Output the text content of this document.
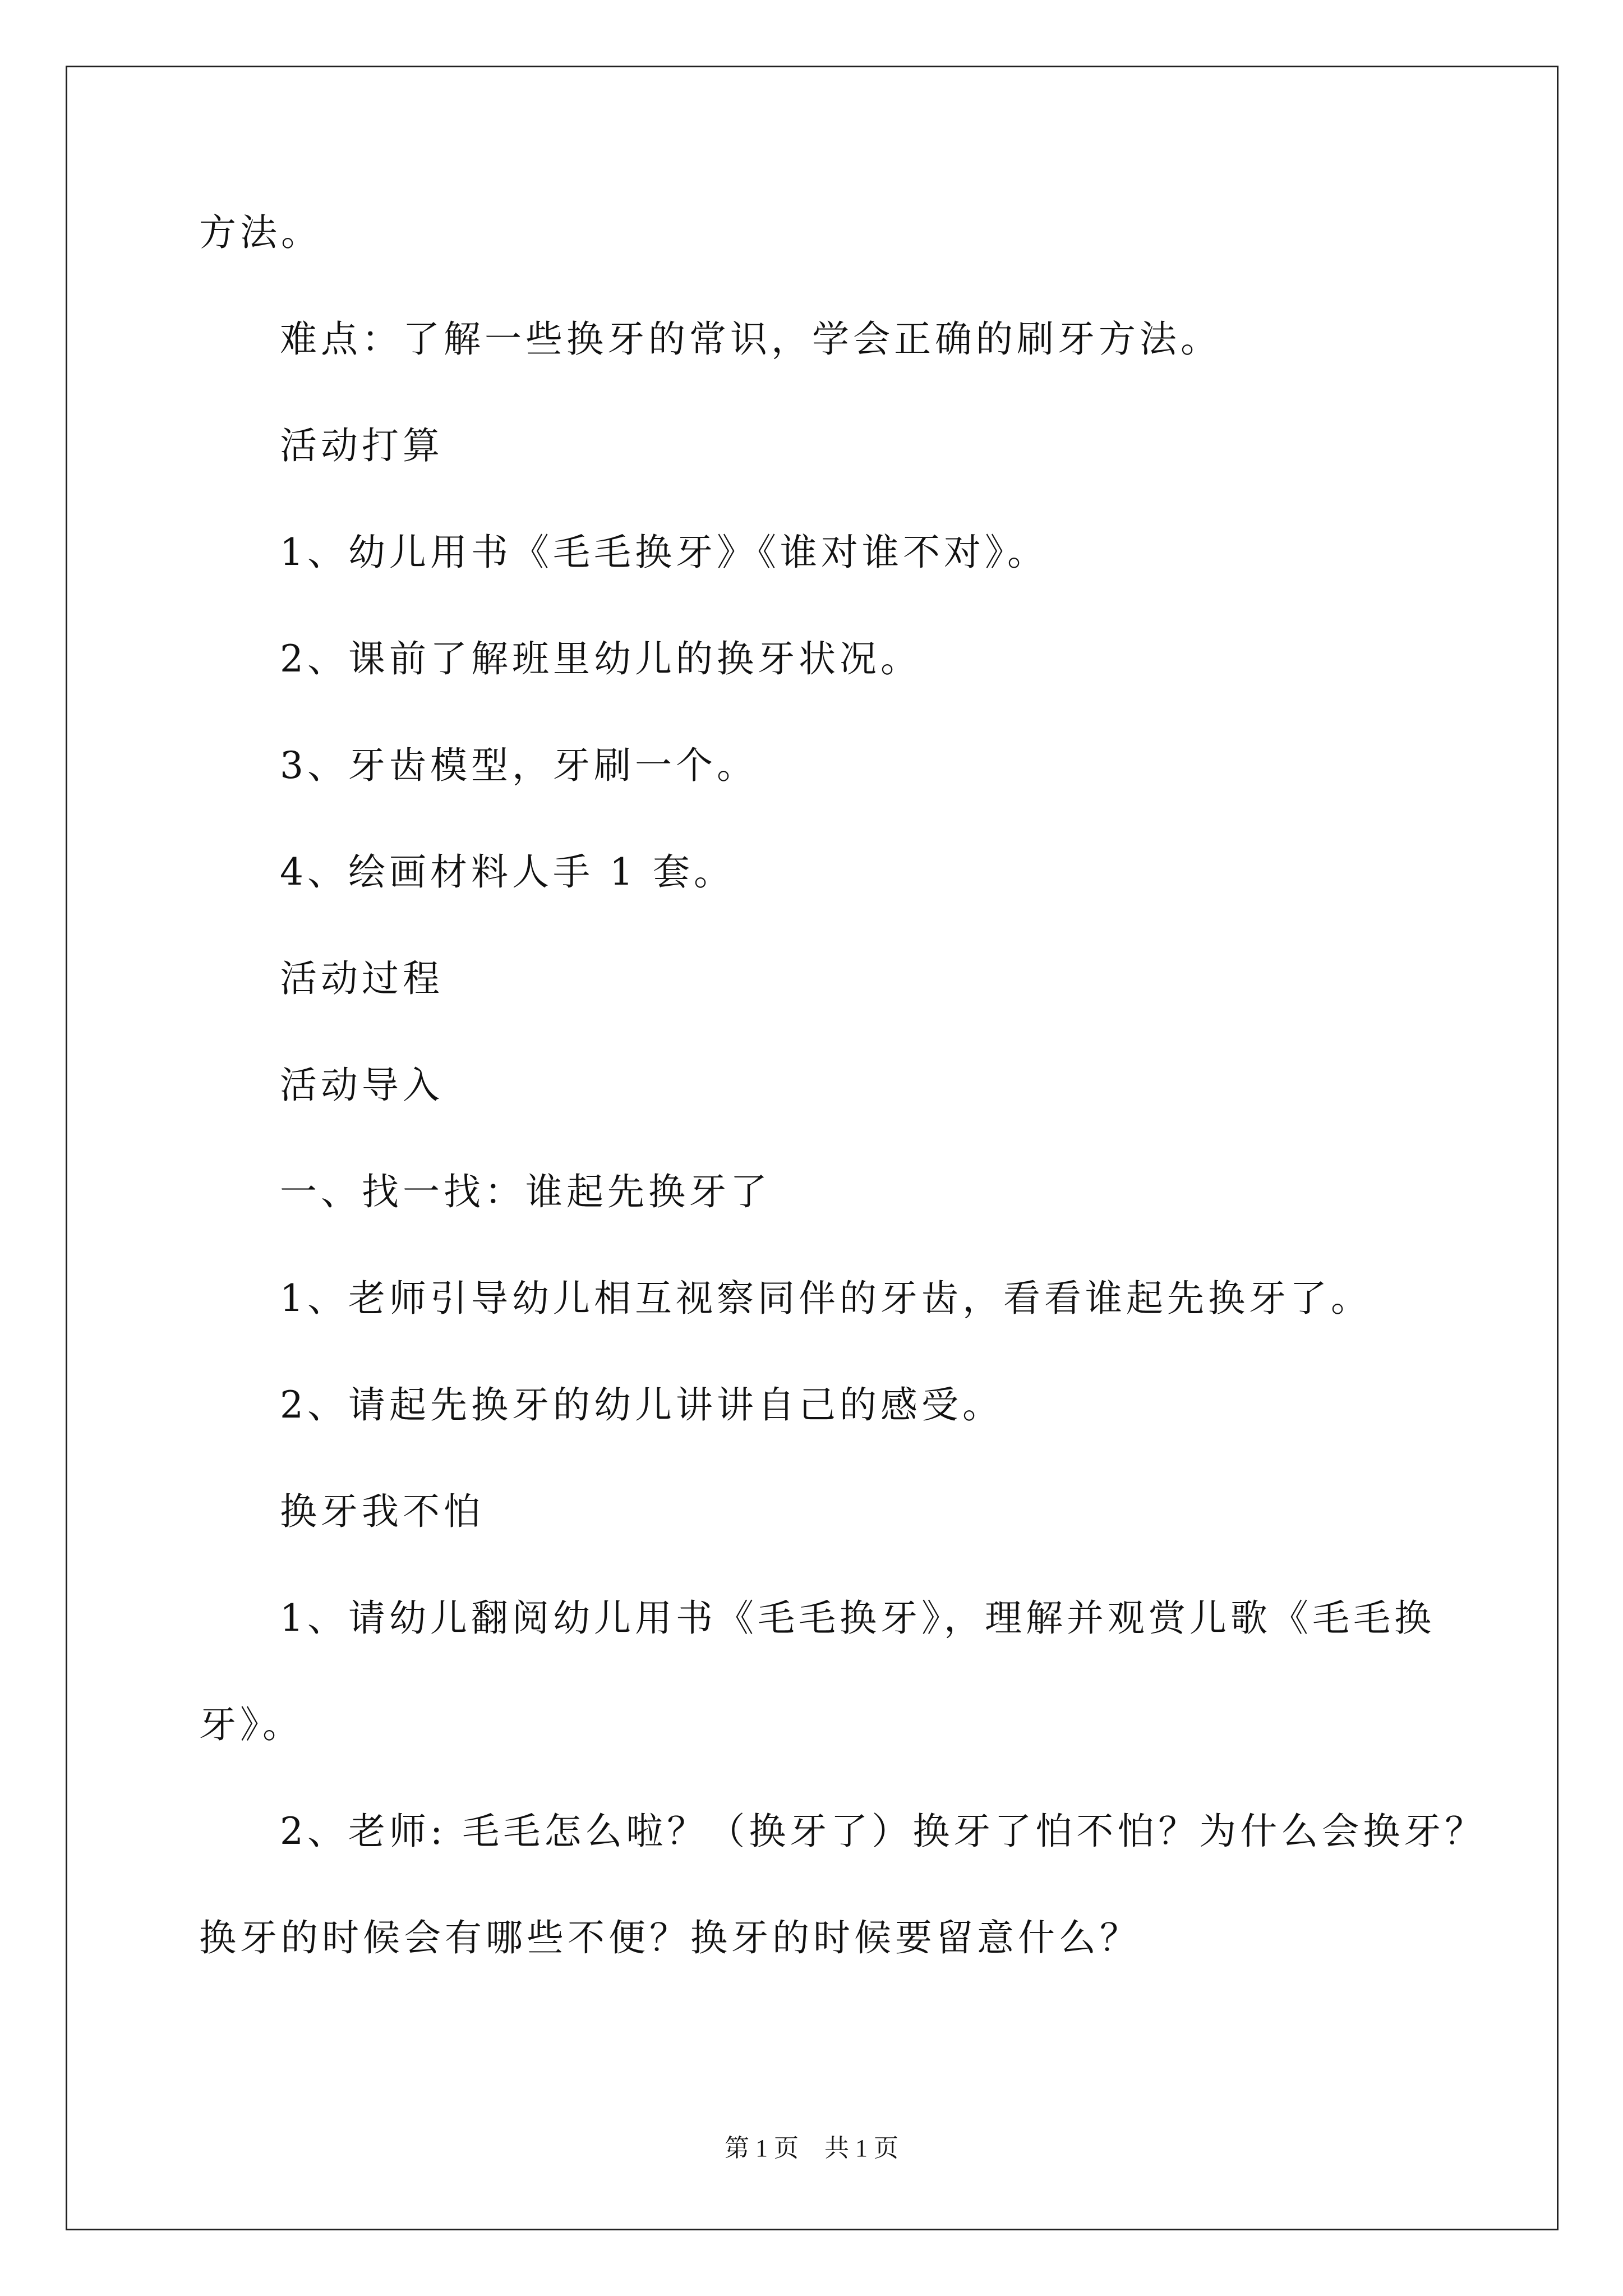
方法。
难点：了解一些换牙的常识，学会正确的刷牙方法。
活动打算
1、幼儿用书《毛毛换牙》《谁对谁不对》。
2、课前了解班里幼儿的换牙状况。
3、牙齿模型，牙刷一个。
4、绘画材料人手 1 套。
活动过程
活动导入
一、找一找：谁起先换牙了
1、老师引导幼儿相互视察同伴的牙齿，看看谁起先换牙了。
2、请起先换牙的幼儿讲讲自己的感受。
换牙我不怕
1、请幼儿翻阅幼儿用书《毛毛换牙》，理解并观赏儿歌《毛毛换
牙》。
2、老师: 毛毛怎么啦？（换牙了）换牙了怕不怕？为什么会换牙？
换牙的时候会有哪些不便？换牙的时候要留意什么？
第 1 页 共 1 页
